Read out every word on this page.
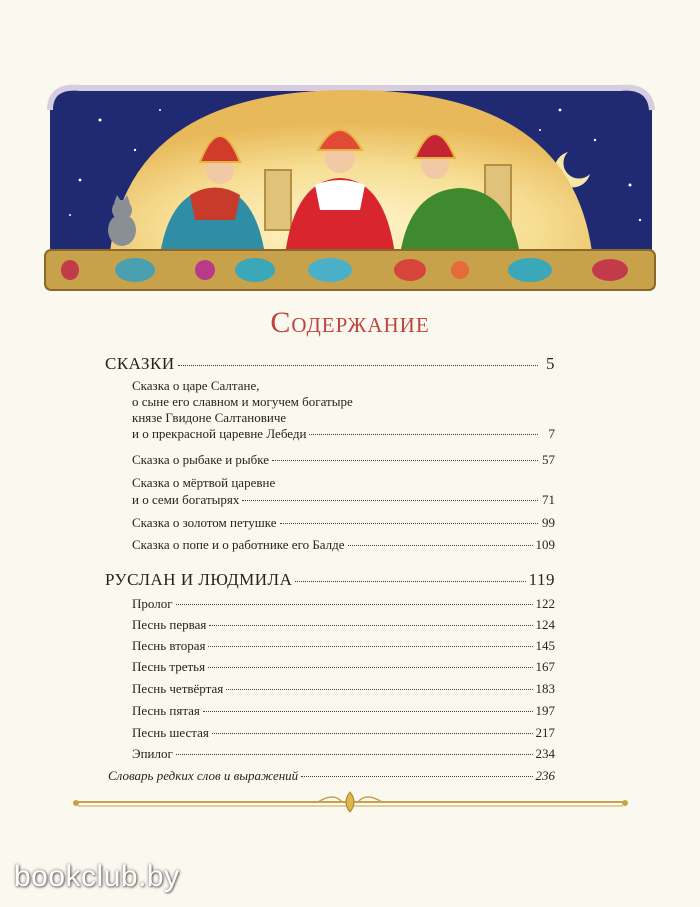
Содержание
СКАЗКИ	5
Сказка о царе Салтане,
о сыне его славном и могучем богатыре
князе Гвидоне Салтановиче
и о прекрасной царевне Лебеди	7
Сказка о рыбаке и рыбке	57
Сказка о мёртвой царевне
и о семи богатырях	71
Сказка о золотом петушке	99
Сказка о попе и о работнике его Балде	109
РУСЛАН И ЛЮДМИЛА	119
Пролог	122
Песнь первая	124
Песнь вторая	145
Песнь третья	167
Песнь четвёртая	183
Песнь пятая	197
Песнь шестая	217
Эпилог	234
Словарь редких слов и выражений	236
bookclub.by
